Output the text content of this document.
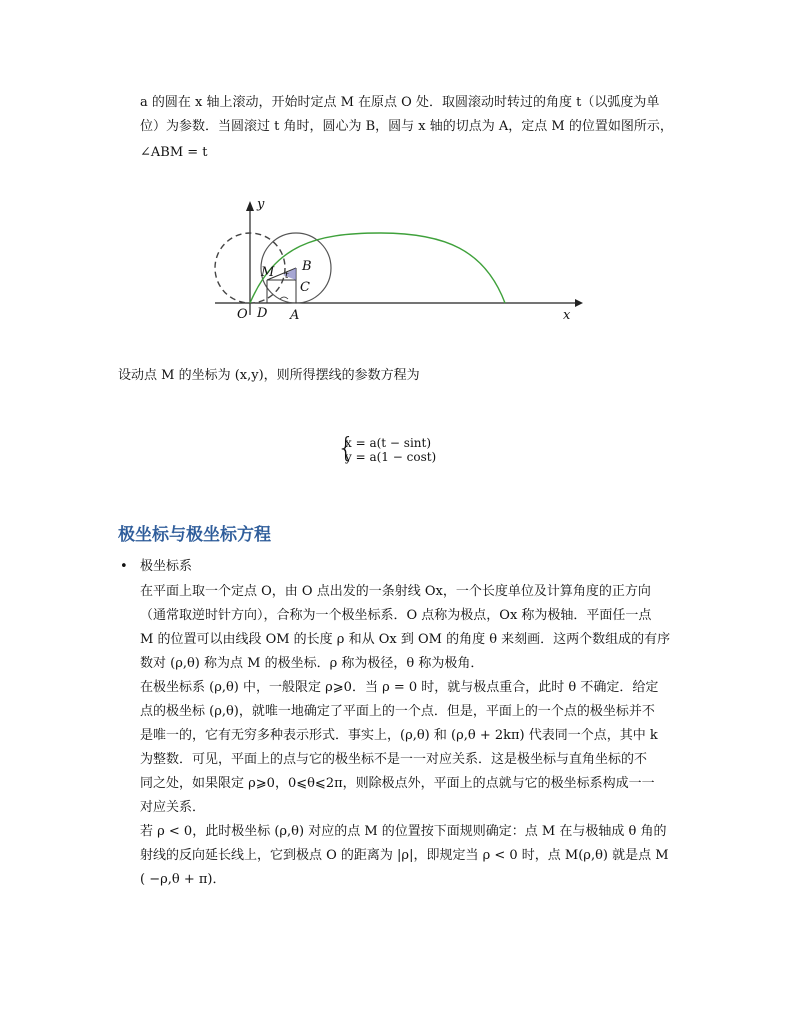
a 的圆在 x 轴上滚动，开始时定点 M 在原点 O 处．取圆滚动时转过的角度 t（以弧度为单
位）为参数．当圆滚过 t 角时，圆心为 B，圆与 x 轴的切点为 A，定点 M 的位置如图所示，
∠ABM = t
y
x
O D A
M B
C
t
设动点 M 的坐标为 (x,y)，则所得摆线的参数方程为
{
x = a(t − sint)
y = a(1 − cost)
极坐标与极坐标方程
• 极坐标系
在平面上取一个定点 O，由 O 点出发的一条射线 Ox，一个长度单位及计算角度的正方向
（通常取逆时针方向），合称为一个极坐标系．O 点称为极点，Ox 称为极轴．平面任一点
M 的位置可以由线段 OM 的长度 ρ 和从 Ox 到 OM 的角度 θ 来刻画．这两个数组成的有序
数对 (ρ,θ) 称为点 M 的极坐标．ρ 称为极径，θ 称为极角．
在极坐标系 (ρ,θ) 中，一般限定 ρ⩾0．当 ρ = 0 时，就与极点重合，此时 θ 不确定．给定
点的极坐标 (ρ,θ)，就唯一地确定了平面上的一个点．但是，平面上的一个点的极坐标并不
是唯一的，它有无穷多种表示形式．事实上，(ρ,θ) 和 (ρ,θ + 2kπ) 代表同一个点，其中 k
为整数．可见，平面上的点与它的极坐标不是一一对应关系．这是极坐标与直角坐标的不
同之处，如果限定 ρ⩾0，0⩽θ⩽2π，则除极点外，平面上的点就与它的极坐标系构成一一
对应关系．
若 ρ < 0，此时极坐标 (ρ,θ) 对应的点 M 的位置按下面规则确定：点 M 在与极轴成 θ 角的
射线的反向延长线上，它到极点 O 的距离为 |ρ|，即规定当 ρ < 0 时，点 M(ρ,θ) 就是点 M
( −ρ,θ + π)．
